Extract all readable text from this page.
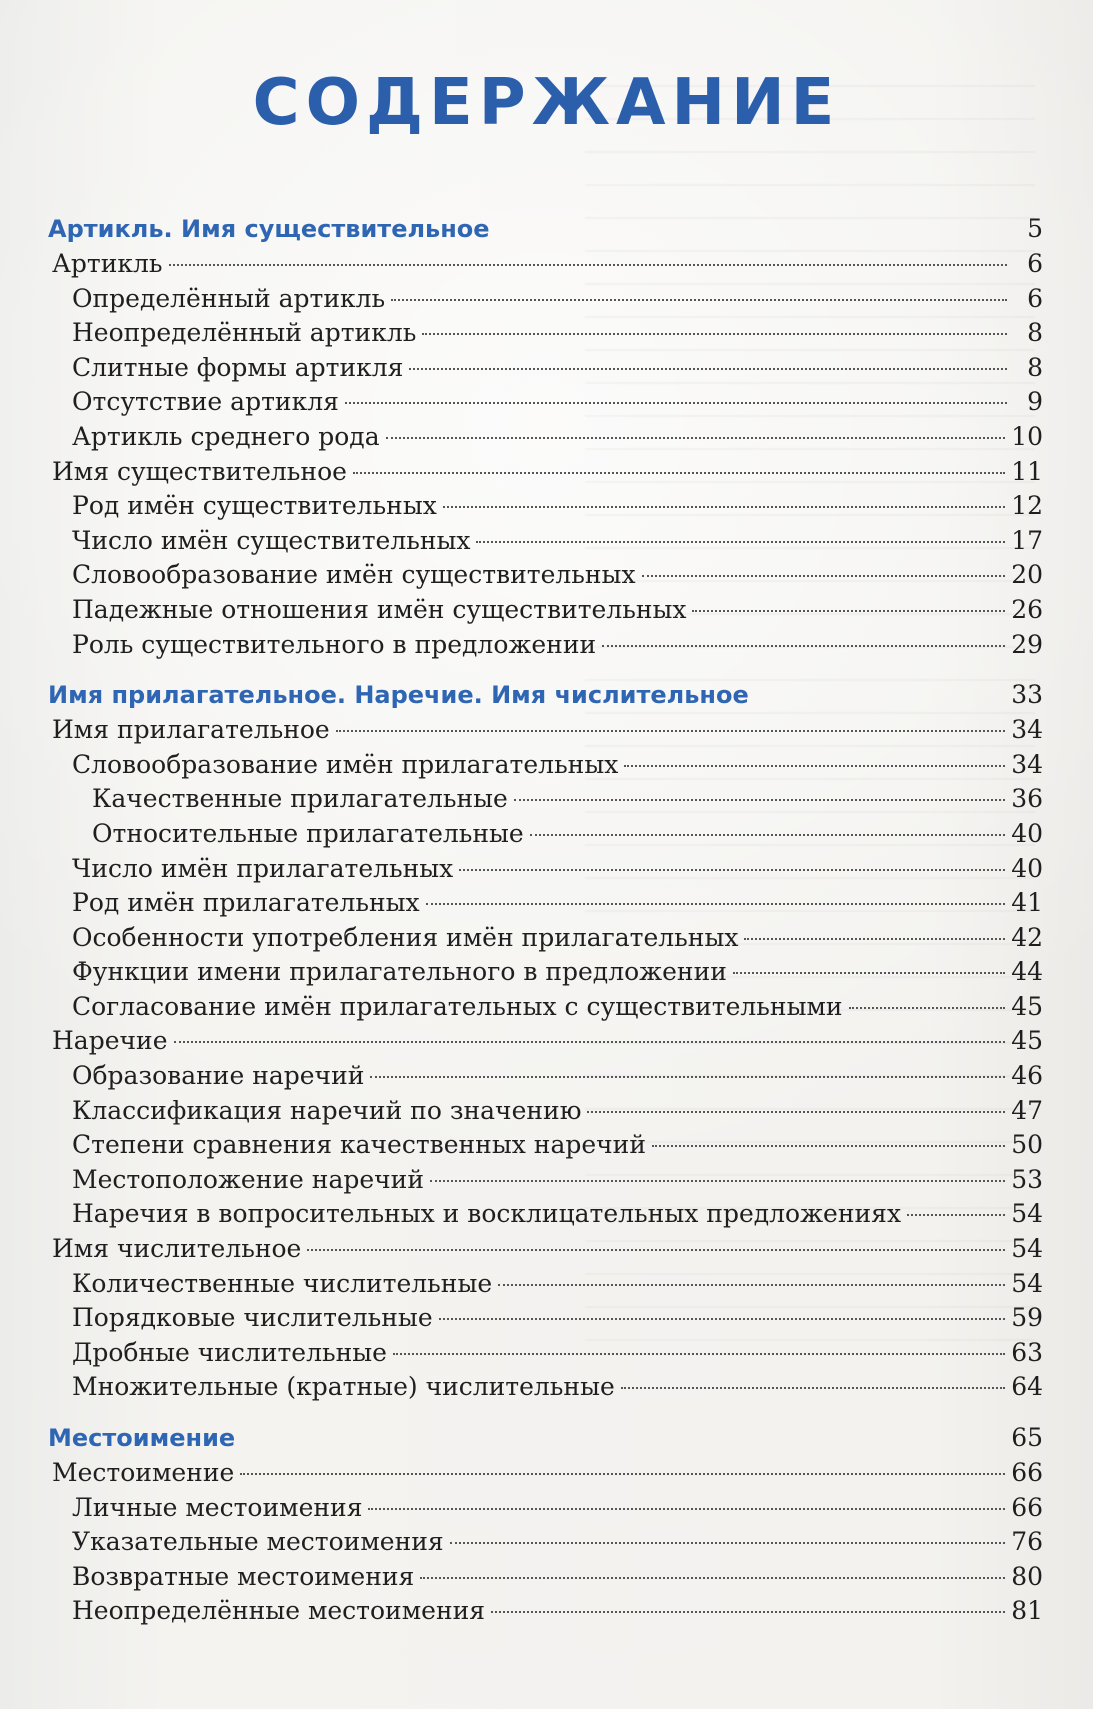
СОДЕРЖАНИЕ
Артикль. Имя существительное	5
Артикль	6
Определённый артикль	6
Неопределённый артикль	8
Слитные формы артикля	8
Отсутствие артикля	9
Артикль среднего рода	10
Имя существительное	11
Род имён существительных	12
Число имён существительных	17
Словообразование имён существительных	20
Падежные отношения имён существительных	26
Роль существительного в предложении	29
Имя прилагательное. Наречие. Имя числительное	33
Имя прилагательное	34
Словообразование имён прилагательных	34
Качественные прилагательные	36
Относительные прилагательные	40
Число имён прилагательных	40
Род имён прилагательных	41
Особенности употребления имён прилагательных	42
Функции имени прилагательного в предложении	44
Согласование имён прилагательных с существительными	45
Наречие	45
Образование наречий	46
Классификация наречий по значению	47
Степени сравнения качественных наречий	50
Местоположение наречий	53
Наречия в вопросительных и восклицательных предложениях	54
Имя числительное	54
Количественные числительные	54
Порядковые числительные	59
Дробные числительные	63
Множительные (кратные) числительные	64
Местоимение	65
Местоимение	66
Личные местоимения	66
Указательные местоимения	76
Возвратные местоимения	80
Неопределённые местоимения	81
